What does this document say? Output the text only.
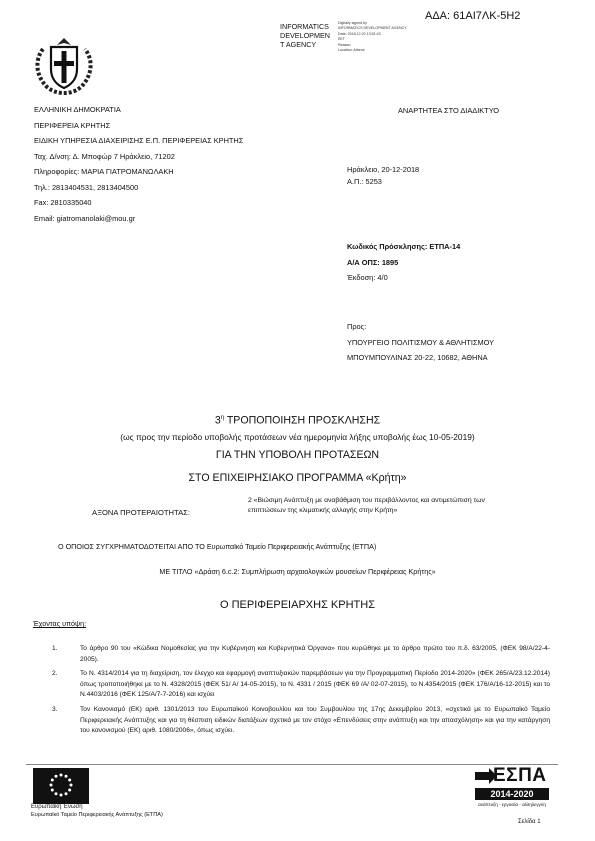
ΑΔΑ: 61ΑΙ7ΛΚ-5Η2
INFORMATICS
DEVELOPMEN
T AGENCY
Digitally signed by
INFORMATICS DEVELOPMENT AGENCY
Date: 2018.12.20 13:51:43
EET
Reason:
Location: Athens
ΑΝΑΡΤΗΤΕΑ ΣΤΟ ΔΙΑΔΙΚΤΥΟ
ΕΛΛΗΝΙΚΗ ΔΗΜΟΚΡΑΤΙΑ
ΠΕΡΙΦΕΡΕΙΑ ΚΡΗΤΗΣ
ΕΙΔΙΚΗ ΥΠΗΡΕΣΙΑ ΔΙΑΧΕΙΡΙΣΗΣ Ε.Π. ΠΕΡΙΦΕΡΕΙΑΣ ΚΡΗΤΗΣ
Ταχ. Δ/νση: Δ. Μποφώρ 7 Ηράκλειο, 71202
Πληροφορίες: ΜΑΡΙΑ ΓΙΑΤΡΟΜΑΝΩΛΑΚΗ
Τηλ.: 2813404531, 2813404500
Fax: 2810335040
Email: giatromanolaki@mou.gr
Ηράκλειο, 20-12-2018
Α.Π.: 5253
Κωδικός Πρόσκλησης: ΕΤΠΑ-14
Α/Α ΟΠΣ: 1895
Έκδοση: 4/0
Προς:
ΥΠΟΥΡΓΕΙΟ ΠΟΛΙΤΙΣΜΟΥ & ΑΘΛΗΤΙΣΜΟΥ
ΜΠΟΥΜΠΟΥΛΙΝΑΣ 20-22, 10682, ΑΘΗΝΑ
$3^\eta$ ΤΡΟΠΟΠΟΙΗΣΗ ΠΡΟΣΚΛΗΣΗΣ
(ως προς την περίοδο υποβολής προτάσεων νέα ημερομηνία λήξης υποβολής έως 10-05-2019)
ΓΙΑ ΤΗΝ ΥΠΟΒΟΛΗ ΠΡΟΤΑΣΕΩΝ
ΣΤΟ ΕΠΙΧΕΙΡΗΣΙΑΚΟ ΠΡΟΓΡΑΜΜΑ «Κρήτη»
ΑΞΟΝΑ ΠΡΟΤΕΡΑΙΟΤΗΤΑΣ:
2 «Βιώσιμη Ανάπτυξη με αναβάθμιση του περιβάλλοντος και αντιμετώπιση των επιπτώσεων της κλιματικής αλλαγής στην Κρήτη»
Ο ΟΠΟΙΟΣ ΣΥΓΧΡΗΜΑΤΟΔΟΤΕΙΤΑΙ ΑΠΟ ΤΟ Ευρωπαϊκό Ταμείο Περιφερειακής Ανάπτυξης (ΕΤΠΑ)
ΜΕ ΤΙΤΛΟ «Δράση 6.c.2: Συμπλήρωση αρχαιολογικών μουσείων Περιφέρειας Κρήτης»
Ο ΠΕΡΙΦΕΡΕΙΑΡΧΗΣ ΚΡΗΤΗΣ
Έχοντας υπόψη:
1.	Το άρθρο 90 του «Κώδικα Νομοθεσίας για την Κυβέρνηση και Κυβερνητικά Όργανα» που κυρώθηκε με το άρθρο πρώτο του π.δ. 63/2005, (ΦΕΚ 98/Α/22-4-2005).
2.	Το Ν. 4314/2014 για τη διαχείριση, τον έλεγχο και εφαρμογή αναπτυξιακών παρεμβάσεων για την Προγραμματική Περίοδο 2014-2020» (ΦΕΚ 265/Α/23.12.2014) όπως τροποποιήθηκε με το Ν. 4328/2015 (ΦΕΚ 51/ Α/ 14-05-2015), το Ν. 4331 / 2015 (ΦΕΚ 69 /Α/ 02-07-2015), το Ν.4354/2015 (ΦΕΚ 176/Α/16-12-2015) και το Ν.4403/2016 (ΦΕΚ 125/Α/7-7-2016) και ισχύει
3.	Τον Κανονισμό (ΕΚ) αριθ. 1301/2013 του Ευρωπαϊκού Κοινοβουλίου και του Συμβουλίου της 17ης Δεκεμβρίου 2013, «σχετικά με το Ευρωπαϊκό Ταμείο Περιφερειακής Ανάπτυξης και για τη θέσπιση ειδικών διατάξεων σχετικά με τον στόχο «Επενδύσεις στην ανάπτυξη και την απασχόληση» και για την κατάργηση του κανονισμού (ΕΚ) αριθ. 1080/2006», όπως ισχύει.
Ευρωπαϊκή Ένωση
Ευρωπαϊκό Ταμείο Περιφερειακής Ανάπτυξης (ΕΤΠΑ)
ΕΣΠΑ
2014-2020
ανάπτυξη - εργασία - αλληλεγγύη
Σελίδα 1
